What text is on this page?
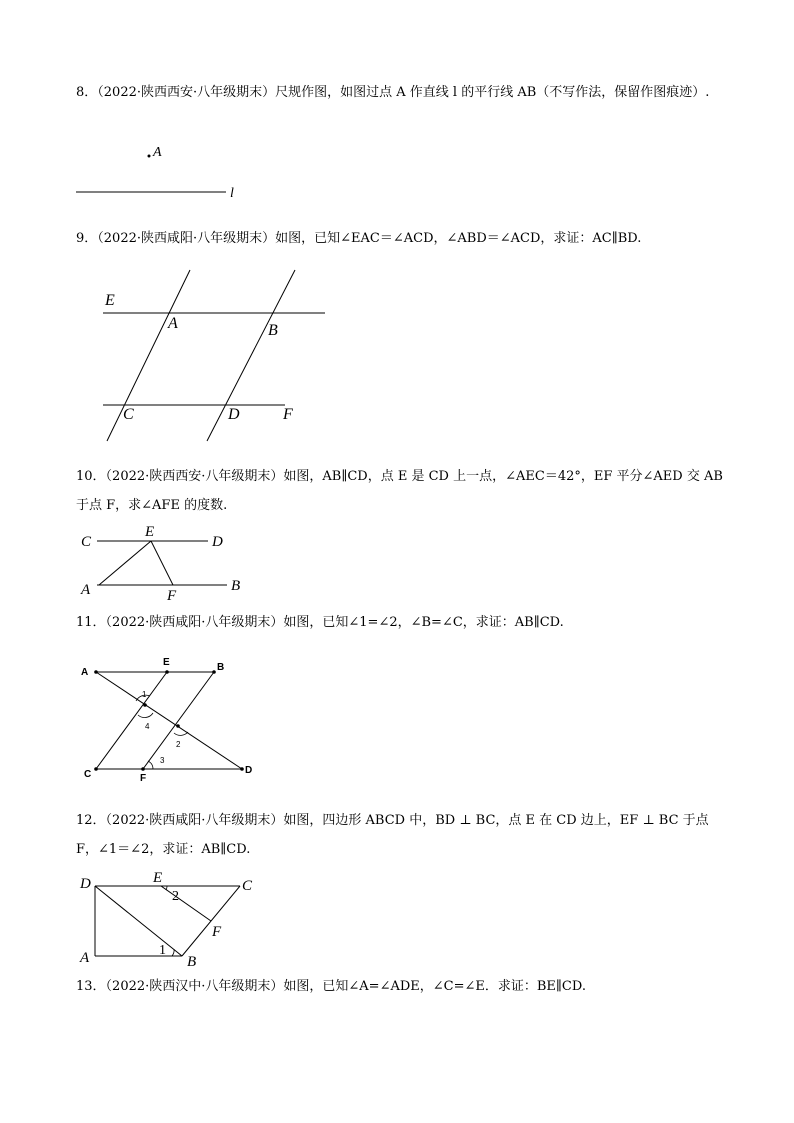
8．（2022·陕西西安·八年级期末）尺规作图，如图过点 A 作直线 l 的平行线 AB（不写作法，保留作图痕迹）.
A
l
9．（2022·陕西咸阳·八年级期末）如图，已知∠EAC＝∠ACD，∠ABD＝∠ACD，求证：AC∥BD.
E
A	B
C	D	F
10．（2022·陕西西安·八年级期末）如图，AB∥CD，点 E 是 CD 上一点，∠AEC＝42°，EF 平分∠AED 交 AB 于点 F，求∠AFE 的度数.
C
E
D
A	F
B
11．（2022·陕西咸阳·八年级期末）如图，已知∠1=∠2，∠B=∠C，求证：AB∥CD.
A
E	B
C	F
D
1
4
2
3
12．（2022·陕西咸阳·八年级期末）如图，四边形 ABCD 中，BD ⊥ BC，点 E 在 CD 边上，EF ⊥ BC 于点 F，∠1＝∠2，求证：AB∥CD.
D	E	C
F
A	B
1
2
13．（2022·陕西汉中·八年级期末）如图，已知∠A=∠ADE，∠C=∠E．求证：BE∥CD.
